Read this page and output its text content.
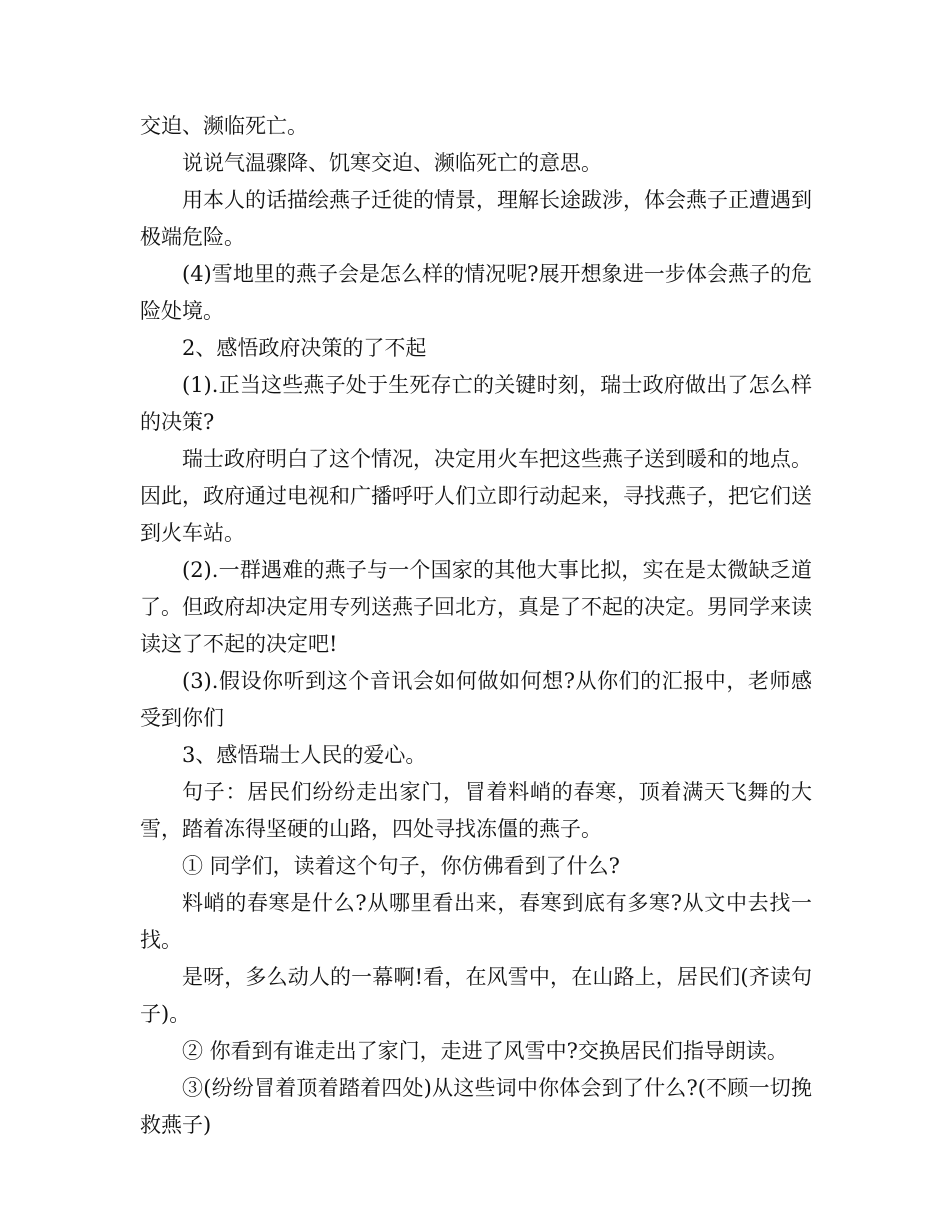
交迫、濒临死亡。

说说气温骤降、饥寒交迫、濒临死亡的意思。

用本人的话描绘燕子迁徙的情景，理解长途跋涉，体会燕子正遭遇到极端危险。

(4)雪地里的燕子会是怎么样的情况呢?展开想象进一步体会燕子的危险处境。

2、感悟政府决策的了不起

(1).正当这些燕子处于生死存亡的关键时刻，瑞士政府做出了怎么样的决策?

瑞士政府明白了这个情况，决定用火车把这些燕子送到暖和的地点。因此，政府通过电视和广播呼吁人们立即行动起来，寻找燕子，把它们送到火车站。

(2).一群遇难的燕子与一个国家的其他大事比拟，实在是太微缺乏道了。但政府却决定用专列送燕子回北方，真是了不起的决定。男同学来读读这了不起的决定吧!

(3).假设你听到这个音讯会如何做如何想?从你们的汇报中，老师感受到你们

3、感悟瑞士人民的爱心。

句子：居民们纷纷走出家门，冒着料峭的春寒，顶着满天飞舞的大雪，踏着冻得坚硬的山路，四处寻找冻僵的燕子。

① 同学们，读着这个句子，你仿佛看到了什么?

料峭的春寒是什么?从哪里看出来，春寒到底有多寒?从文中去找一找。

是呀，多么动人的一幕啊!看，在风雪中，在山路上，居民们(齐读句子)。

② 你看到有谁走出了家门，走进了风雪中?交换居民们指导朗读。

③(纷纷冒着顶着踏着四处)从这些词中你体会到了什么?(不顾一切挽救燕子)
